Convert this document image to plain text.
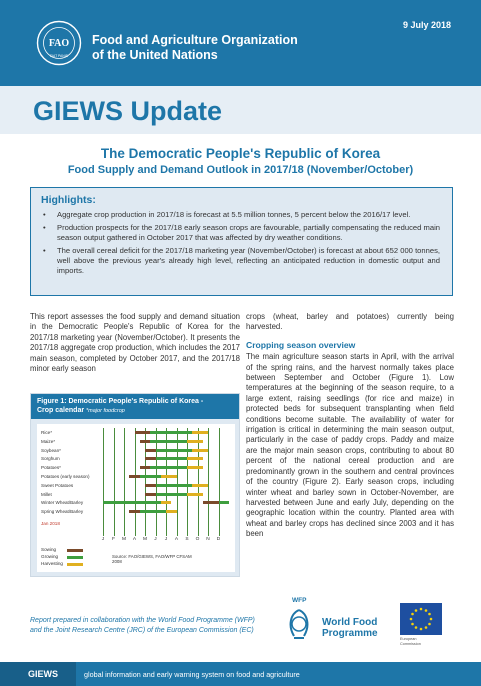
FAO
FIAT PANIS
Food and Agriculture Organization
of the United Nations
9 July 2018
GIEWS Update
The Democratic People's Republic of Korea
Food Supply and Demand Outlook in 2017/18 (November/October)
Highlights:
• Aggregate crop production in 2017/18 is forecast at 5.5 million tonnes, 5 percent below the 2016/17 level.
• Production prospects for the 2017/18 early season crops are favourable, partially compensating the reduced main season output gathered in October 2017 that was affected by dry weather conditions.
• The overall cereal deficit for the 2017/18 marketing year (November/October) is forecast at about 652 000 tonnes, well above the previous year's already high level, reflecting an anticipated reduction in domestic output and imports.

This report assesses the food supply and demand situation in the Democratic People's Republic of Korea for the 2017/18 marketing year (November/October). It presents the 2017/18 aggregate crop production, which includes the 2017 main season, completed by October 2017, and the 2017/18 minor early season

crops (wheat, barley and potatoes) currently being harvested.

Cropping season overview

The main agriculture season starts in April, with the arrival of the spring rains, and the harvest normally takes place between September and October (Figure 1). Low temperatures at the beginning of the season require, to a large extent, raising seedlings (for rice and maize) in protected beds for subsequent transplanting when field conditions become suitable. The availability of water for irrigation is critical in determining the main season output, particularly in the case of paddy crops. Paddy and maize are the major main season crops, contributing to about 80 percent of the national cereal production and are predominantly grown in the southern and central provinces of the country (Figure 2). Early season crops, including winter wheat and barley sown in October-November, are harvested between June and early July, depending on the geographic location within the country. Planted area with wheat and barley crops has declined since 2003 and it has been

Figure 1: Democratic People's Republic of Korea -
Crop calendar *major foodcrop
Source: FAO/GIEWS, FAO/WFP CFSAM
2008
Rice*
Maize*
Soybean*
Sorghum
Potatoes*
Potatoes (early season)
Sweet Potatoes
Millet
Winter Wheat/Barley
Spring Wheat/Barley
J	F	M A M	J	J	A S O N D
Jan 2018
Sowing
Growing
Harvesting
Report prepared in collaboration with the World Food Programme (WFP)
and the Joint Research Centre (JRC) of the European Commission (EC)
WFP
World Food
Programme	European
Commission
GIEWS	global information and early warning system on food and agriculture
